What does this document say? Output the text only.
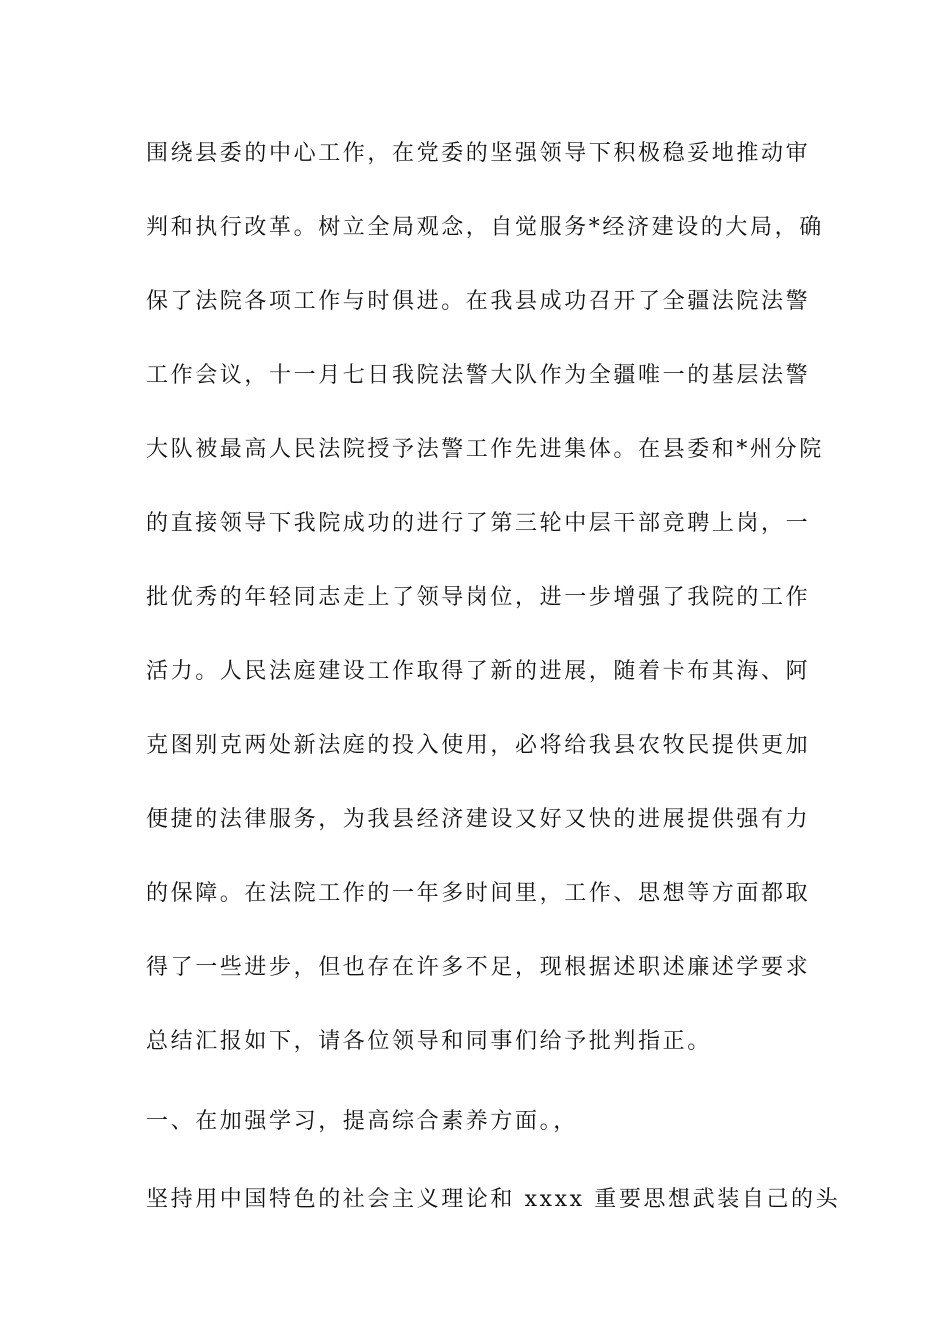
围绕县委的中心工作，在党委的坚强领导下积极稳妥地推动审
判和执行改革。树立全局观念，自觉服务*经济建设的大局，确
保了法院各项工作与时俱进。在我县成功召开了全疆法院法警
工作会议，十一月七日我院法警大队作为全疆唯一的基层法警
大队被最高人民法院授予法警工作先进集体。在县委和*州分院
的直接领导下我院成功的进行了第三轮中层干部竞聘上岗，一
批优秀的年轻同志走上了领导岗位，进一步增强了我院的工作
活力。人民法庭建设工作取得了新的进展，随着卡布其海、阿
克图别克两处新法庭的投入使用，必将给我县农牧民提供更加
便捷的法律服务，为我县经济建设又好又快的进展提供强有力
的保障。在法院工作的一年多时间里，工作、思想等方面都取
得了一些进步，但也存在许多不足，现根据述职述廉述学要求
总结汇报如下，请各位领导和同事们给予批判指正。
一、在加强学习，提高综合素养方面。，
坚持用中国特色的社会主义理论和 xxxx 重要思想武装自己的头
